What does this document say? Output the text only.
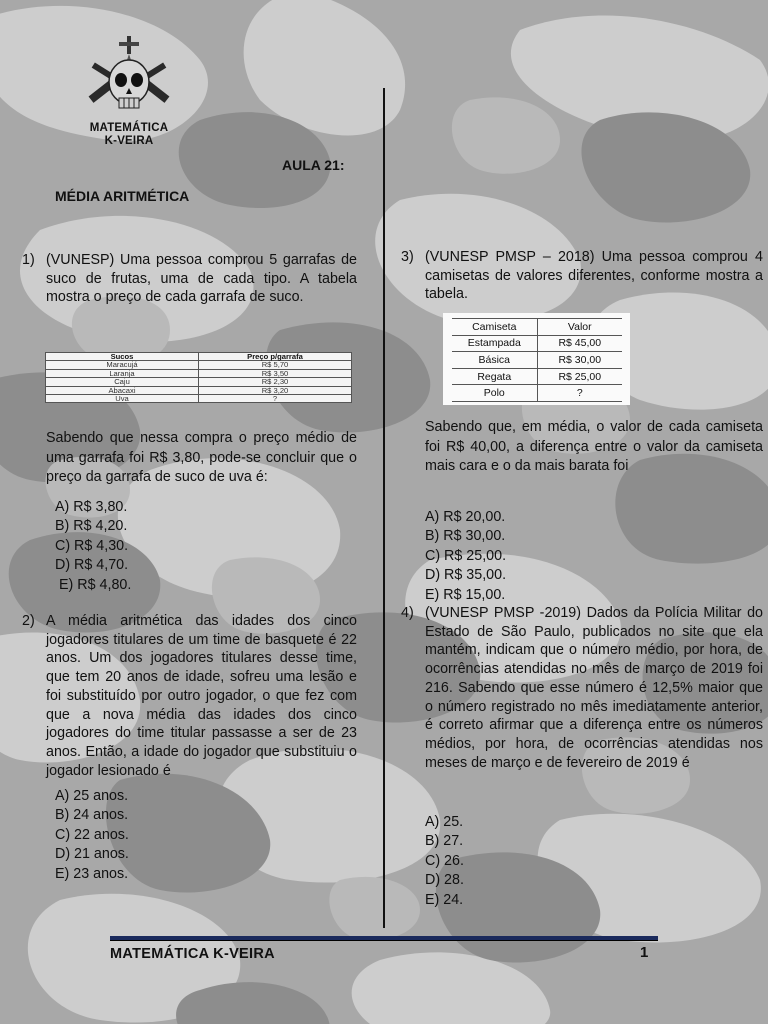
MATEMÁTICA
K-VEIRA
AULA 21:
MÉDIA ARITMÉTICA
1) (VUNESP) Uma pessoa comprou 5 garrafas de suco de frutas, uma de cada tipo. A tabela mostra o preço de cada garrafa de suco.
Sucos	Preço p/garrafa
Maracujá	R$ 5,70
Laranja	R$ 3,50
Caju	R$ 2,30
Abacaxi	R$ 3,20
Uva	?
Sabendo que nessa compra o preço médio de uma garrafa foi R$ 3,80, pode-se concluir que o preço da garrafa de suco de uva é:
A) R$ 3,80.
B) R$ 4,20.
C) R$ 4,30.
D) R$ 4,70.
E) R$ 4,80.
2) A média aritmética das idades dos cinco jogadores titulares de um time de basquete é 22 anos. Um dos jogadores titulares desse time, que tem 20 anos de idade, sofreu uma lesão e foi substituído por outro jogador, o que fez com que a nova média das idades dos cinco jogadores do time titular passasse a ser de 23 anos. Então, a idade do jogador que substituiu o jogador lesionado é
A) 25 anos.
B) 24 anos.
C) 22 anos.
D) 21 anos.
E) 23 anos.
3) (VUNESP PMSP – 2018) Uma pessoa comprou 4 camisetas de valores diferentes, conforme mostra a tabela.
Camiseta	Valor
Estampada	R$ 45,00
Básica	R$ 30,00
Regata	R$ 25,00
Polo	?
Sabendo que, em média, o valor de cada camiseta foi R$ 40,00, a diferença entre o valor da camiseta mais cara e o da mais barata foi
A) R$ 20,00.
B) R$ 30,00.
C) R$ 25,00.
D) R$ 35,00.
E) R$ 15,00.
4) (VUNESP PMSP -2019) Dados da Polícia Militar do Estado de São Paulo, publicados no site que ela mantém, indicam que o número médio, por hora, de ocorrências atendidas no mês de março de 2019 foi 216. Sabendo que esse número é 12,5% maior que o número registrado no mês imediatamente anterior, é correto afirmar que a diferença entre os números médios, por hora, de ocorrências atendidas nos meses de março e de fevereiro de 2019 é
A) 25.
B) 27.
C) 26.
D) 28.
E) 24.
MATEMÁTICA K-VEIRA	1
